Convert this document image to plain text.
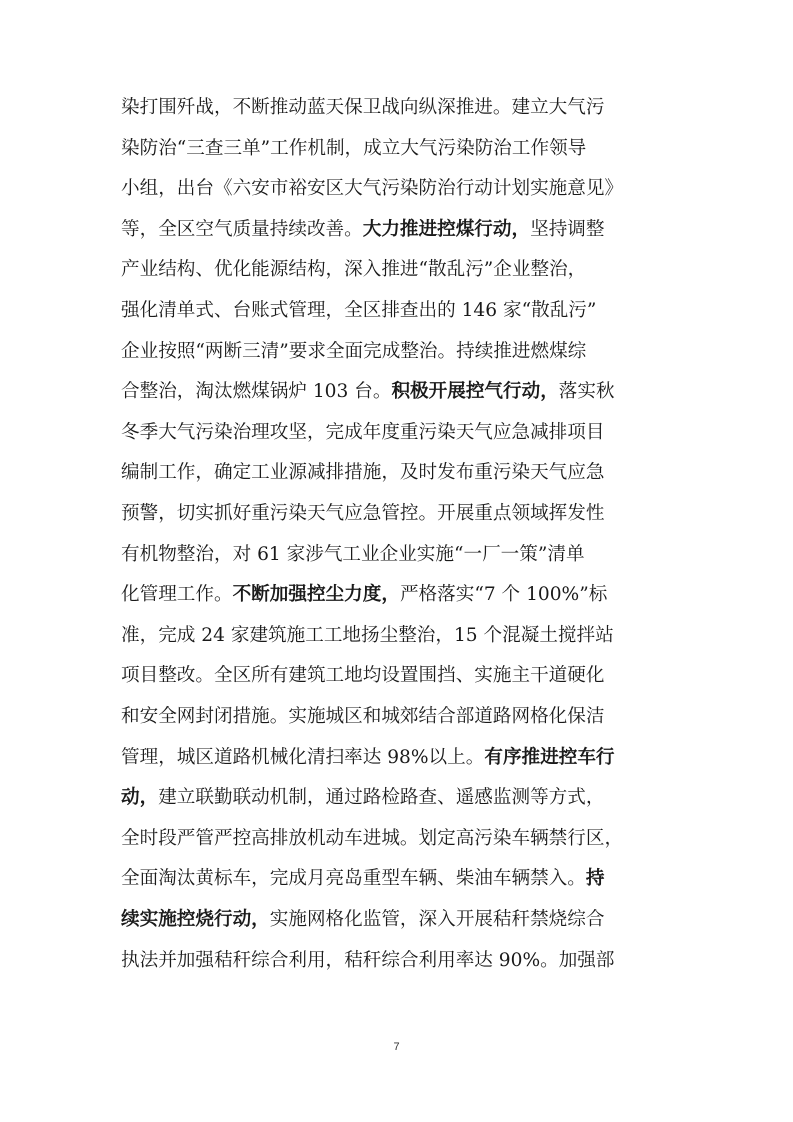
染打围歼战，不断推动蓝天保卫战向纵深推进。建立大气污
染防治“三查三单”工作机制，成立大气污染防治工作领导
小组，出台《六安市裕安区大气污染防治行动计划实施意见》
等，全区空气质量持续改善。大力推进控煤行动，坚持调整
产业结构、优化能源结构，深入推进“散乱污”企业整治，
强化清单式、台账式管理，全区排查出的 146 家“散乱污”
企业按照“两断三清”要求全面完成整治。持续推进燃煤综
合整治，淘汰燃煤锅炉 103 台。积极开展控气行动，落实秋
冬季大气污染治理攻坚，完成年度重污染天气应急减排项目
编制工作，确定工业源减排措施，及时发布重污染天气应急
预警，切实抓好重污染天气应急管控。开展重点领域挥发性
有机物整治，对 61 家涉气工业企业实施“一厂一策”清单
化管理工作。不断加强控尘力度，严格落实“7 个 100%”标
准，完成 24 家建筑施工工地扬尘整治，15 个混凝土搅拌站
项目整改。全区所有建筑工地均设置围挡、实施主干道硬化
和安全网封闭措施。实施城区和城郊结合部道路网格化保洁
管理，城区道路机械化清扫率达 98%以上。有序推进控车行
动，建立联勤联动机制，通过路检路查、遥感监测等方式，
全时段严管严控高排放机动车进城。划定高污染车辆禁行区，
全面淘汰黄标车，完成月亮岛重型车辆、柴油车辆禁入。持
续实施控烧行动，实施网格化监管，深入开展秸秆禁烧综合
执法并加强秸秆综合利用，秸秆综合利用率达 90%。加强部
7
